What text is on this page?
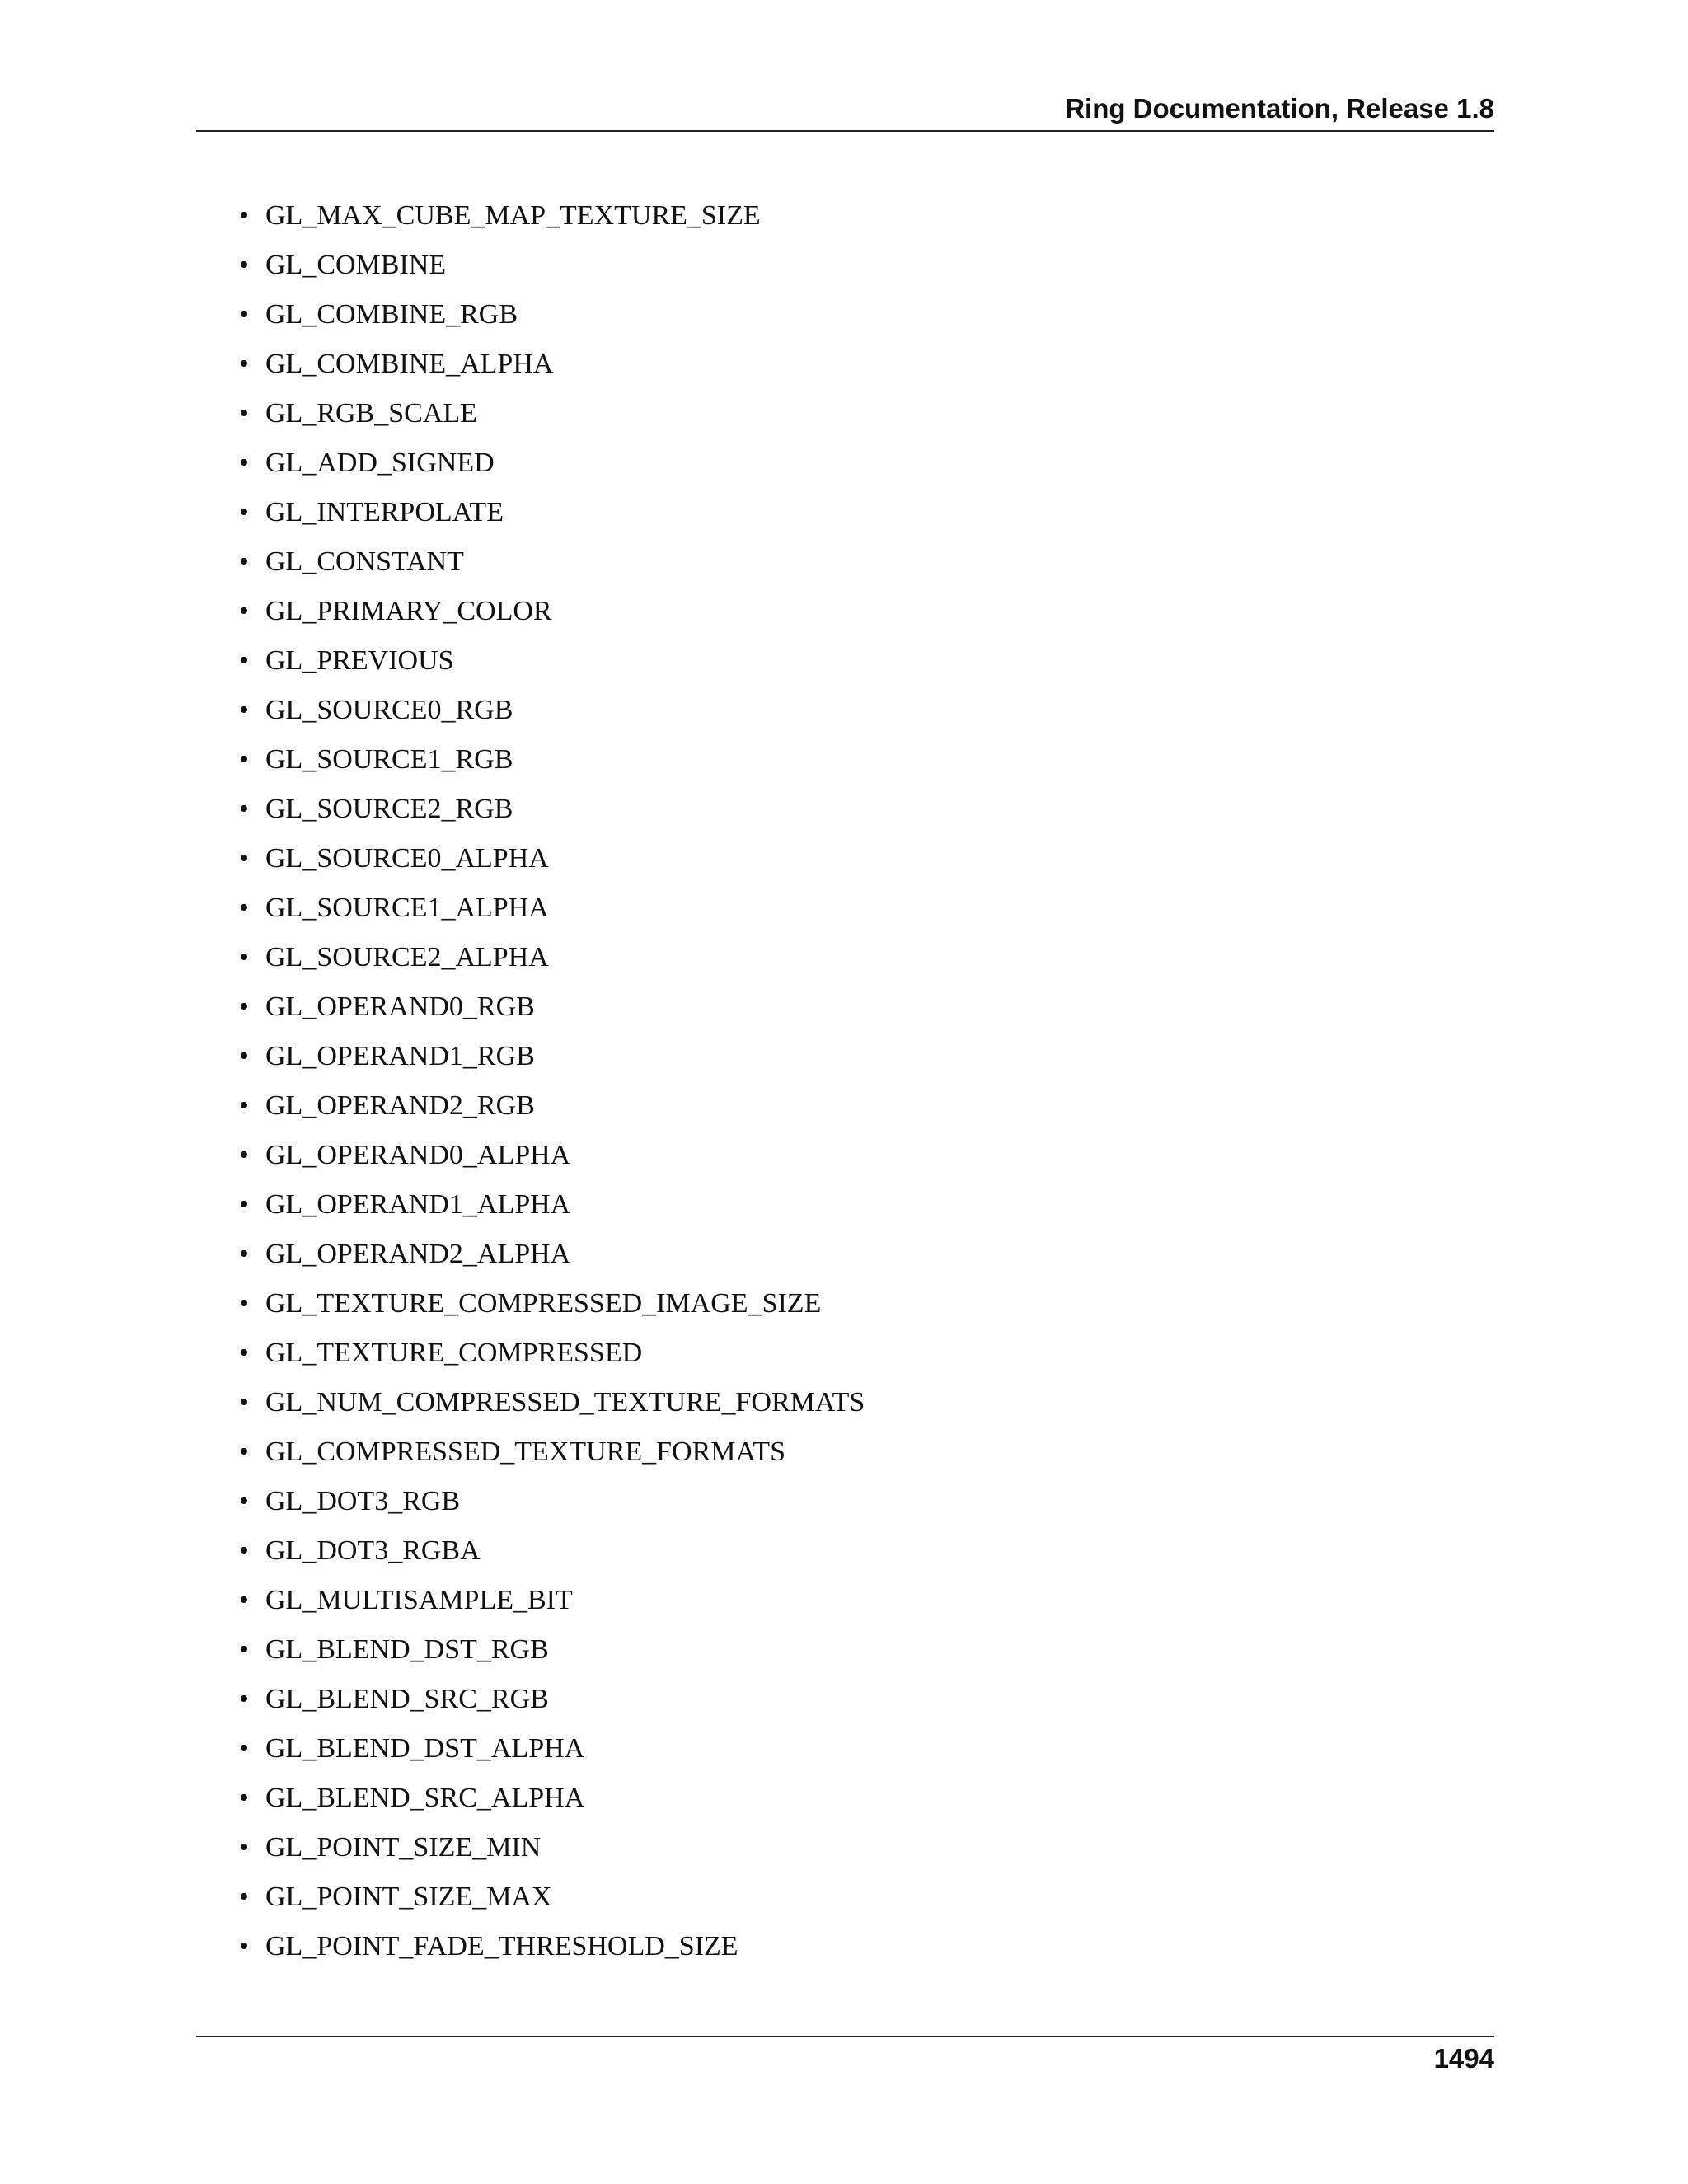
Ring Documentation, Release 1.8
• GL_MAX_CUBE_MAP_TEXTURE_SIZE
• GL_COMBINE
• GL_COMBINE_RGB
• GL_COMBINE_ALPHA
• GL_RGB_SCALE
• GL_ADD_SIGNED
• GL_INTERPOLATE
• GL_CONSTANT
• GL_PRIMARY_COLOR
• GL_PREVIOUS
• GL_SOURCE0_RGB
• GL_SOURCE1_RGB
• GL_SOURCE2_RGB
• GL_SOURCE0_ALPHA
• GL_SOURCE1_ALPHA
• GL_SOURCE2_ALPHA
• GL_OPERAND0_RGB
• GL_OPERAND1_RGB
• GL_OPERAND2_RGB
• GL_OPERAND0_ALPHA
• GL_OPERAND1_ALPHA
• GL_OPERAND2_ALPHA
• GL_TEXTURE_COMPRESSED_IMAGE_SIZE
• GL_TEXTURE_COMPRESSED
• GL_NUM_COMPRESSED_TEXTURE_FORMATS
• GL_COMPRESSED_TEXTURE_FORMATS
• GL_DOT3_RGB
• GL_DOT3_RGBA
• GL_MULTISAMPLE_BIT
• GL_BLEND_DST_RGB
• GL_BLEND_SRC_RGB
• GL_BLEND_DST_ALPHA
• GL_BLEND_SRC_ALPHA
• GL_POINT_SIZE_MIN
• GL_POINT_SIZE_MAX
• GL_POINT_FADE_THRESHOLD_SIZE
1494
